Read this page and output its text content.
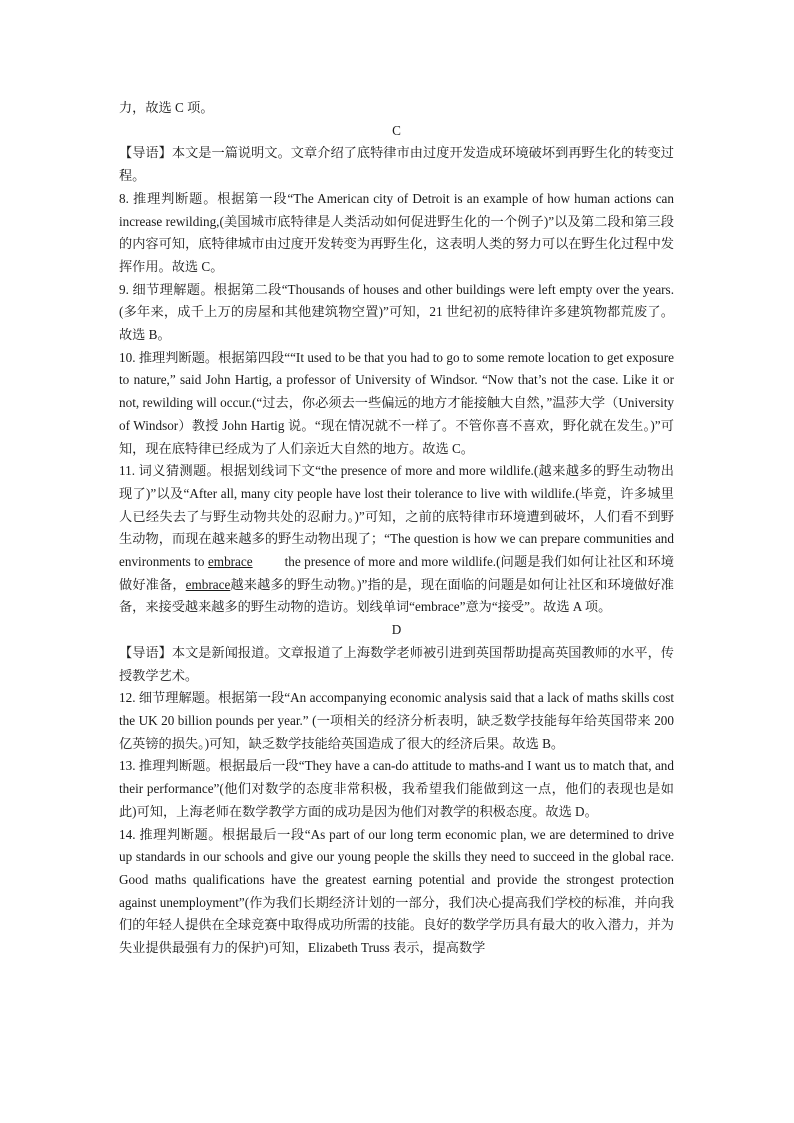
力，故选 C 项。

C

【导语】本文是一篇说明文。文章介绍了底特律市由过度开发造成环境破坏到再野生化的转变过程。

8. 推理判断题。根据第一段“The American city of Detroit is an example of how human actions can increase rewilding,(美国城市底特律是人类活动如何促进野生化的一个例子)”以及第二段和第三段的内容可知，底特律城市由过度开发转变为再野生化，这表明人类的努力可以在野生化过程中发挥作用。故选 C。

9. 细节理解题。根据第二段“Thousands of houses and other buildings were left empty over the years.(多年来，成千上万的房屋和其他建筑物空置)”可知，21 世纪初的底特律许多建筑物都荒废了。故选 B。

10. 推理判断题。根据第四段““It used to be that you had to go to some remote location to get exposure to nature,” said John Hartig, a professor of University of Windsor. “Now that’s not the case. Like it or not, rewilding will occur.(“过去，你必须去一些偏远的地方才能接触大自然，”温莎大学（University of Windsor）教授 John Hartig 说。“现在情况就不一样了。不管你喜不喜欢，野化就在发生。)”可知，现在底特律已经成为了人们亲近大自然的地方。故选 C。

11. 词义猜测题。根据划线词下文“the presence of more and more wildlife.(越来越多的野生动物出现了)”以及“After all, many city people have lost their tolerance to live with wildlife.(毕竟，许多城里人已经失去了与野生动物共处的忍耐力。)”可知，之前的底特律市环境遭到破坏，人们看不到野生动物，而现在越来越多的野生动物出现了；“The question is how we can prepare communities and environments to embrace the presence of more and more wildlife.(问题是我们如何让社区和环境做好准备，embrace越来越多的野生动物。)”指的是，现在面临的问题是如何让社区和环境做好准备，来接受越来越多的野生动物的造访。划线单词“embrace”意为“接受”。故选 A 项。

D

【导语】本文是新闻报道。文章报道了上海数学老师被引进到英国帮助提高英国教师的水平，传授教学艺术。

12. 细节理解题。根据第一段“An accompanying economic analysis said that a lack of maths skills cost the UK 20 billion pounds per year.” (一项相关的经济分析表明，缺乏数学技能每年给英国带来 200 亿英镑的损失。)可知，缺乏数学技能给英国造成了很大的经济后果。故选 B。

13. 推理判断题。根据最后一段“They have a can-do attitude to maths-and I want us to match that, and their performance”(他们对数学的态度非常积极，我希望我们能做到这一点，他们的表现也是如此)可知，上海老师在数学教学方面的成功是因为他们对教学的积极态度。故选 D。

14. 推理判断题。根据最后一段“As part of our long term economic plan, we are determined to drive up standards in our schools and give our young people the skills they need to succeed in the global race. Good maths qualifications have the greatest earning potential and provide the strongest protection against unemployment”(作为我们长期经济计划的一部分，我们决心提高我们学校的标准，并向我们的年轻人提供在全球竞赛中取得成功所需的技能。良好的数学学历具有最大的收入潜力，并为失业提供最强有力的保护)可知，Elizabeth Truss 表示，提高数学
